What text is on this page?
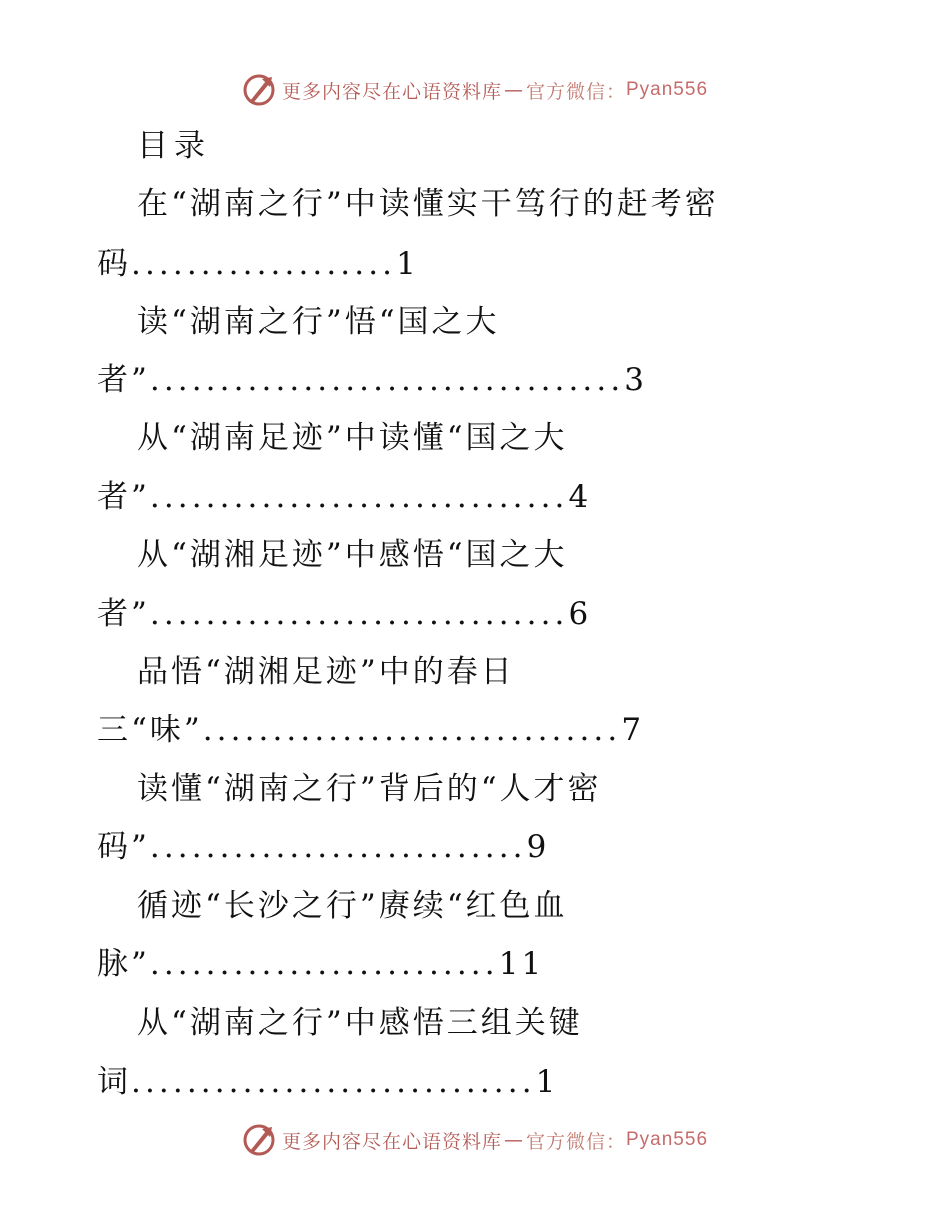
更多内容尽在心语资料库 — 官方微信： Pyan556
目录
在“湖南之行”中读懂实干笃行的赶考密
码...................1
读“湖南之行”悟“国之大
者”..................................3
从“湖南足迹”中读懂“国之大
者”..............................4
从“湖湘足迹”中感悟“国之大
者”..............................6
品悟“湖湘足迹”中的春日
三“味”..............................7
读懂“湖南之行”背后的“人才密
码”...........................9
循迹“长沙之行”赓续“红色血
脉”.........................11
从“湖南之行”中感悟三组关键
词.............................1
更多内容尽在心语资料库 — 官方微信： Pyan556
